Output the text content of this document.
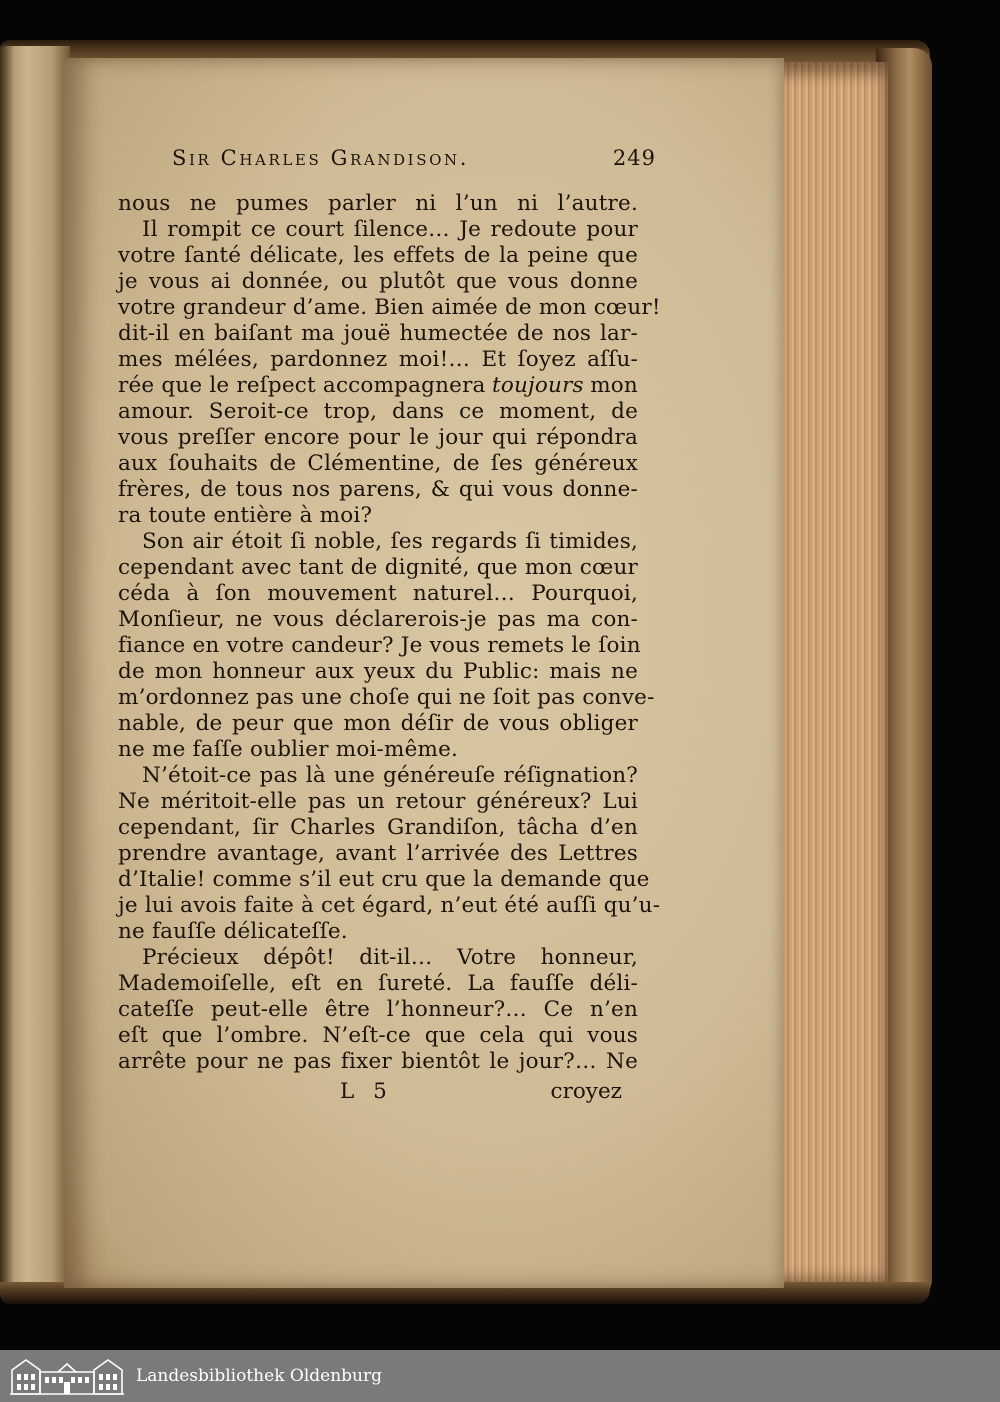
Sir Charles Grandison.	249
nous ne pumes parler ni l’un ni l’autre.
Il rompit ce court ſilence… Je redoute pour
votre ſanté délicate, les effets de la peine que
je vous ai donnée, ou plutôt que vous donne
votre grandeur d’ame. Bien aimée de mon cœur!
dit-il en baiſant ma jouë humectée de nos lar-
mes mélées, pardonnez moi!… Et ſoyez aſſu-
rée que le reſpect accompagnera toujours mon
amour. Seroit-ce trop, dans ce moment, de
vous preſſer encore pour le jour qui répondra
aux ſouhaits de Clémentine, de ſes généreux
frères, de tous nos parens, & qui vous donne-
ra toute entière à moi?
Son air étoit ſi noble, ſes regards ſi timides,
cependant avec tant de dignité, que mon cœur
céda à ſon mouvement naturel… Pourquoi,
Monſieur, ne vous déclarerois-je pas ma con-
fiance en votre candeur? Je vous remets le ſoin
de mon honneur aux yeux du Public: mais ne
m’ordonnez pas une choſe qui ne ſoit pas conve-
nable, de peur que mon déſir de vous obliger
ne me faſſe oublier moi-même.
N’étoit-ce pas là une généreuſe réſignation?
Ne méritoit-elle pas un retour généreux? Lui
cependant, ſir Charles Grandiſon, tâcha d’en
prendre avantage, avant l’arrivée des Lettres
d’Italie! comme s’il eut cru que la demande que
je lui avois faite à cet égard, n’eut été auſſi qu’u-
ne fauſſe délicateſſe.
Précieux dépôt! dit-il… Votre honneur,
Mademoiſelle, eſt en ſureté. La fauſſe déli-
cateſſe peut-elle être l’honneur?… Ce n’en
eſt que l’ombre. N’eſt-ce que cela qui vous
arrête pour ne pas fixer bientôt le jour?… Ne
L 5	croyez
Landesbibliothek Oldenburg
